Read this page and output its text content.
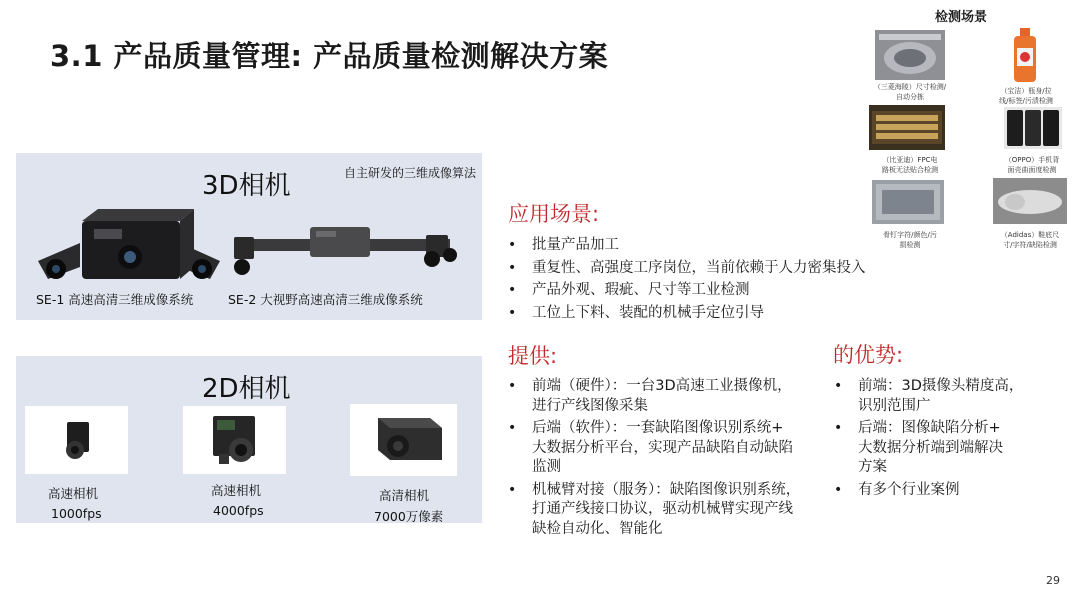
3.1 产品质量管理: 产品质量检测解决方案
3D相机	自主研发的三维成像算法
SE-1 高速高清三维成像系统	SE-2 大视野高速高清三维成像系统
2D相机
高速相机
1000fps
高速相机
4000fps
高清相机
7000万像素
检测场景
（三菱海陵）尺寸检测/
自动分拣
（宝洁）瓶身/拉
线/标签/污渍检测
（比亚迪）FPC电
路板无法贴合检测
（OPPO）手机背
面壳曲面度检测
骨钉字符/颜色/污
损检测
（Adidas）鞋底尺
寸/字符/缺陷检测
应用场景:
• 批量产品加工
• 重复性、高强度工序岗位，当前依赖于人力密集投入
• 产品外观、瑕疵、尺寸等工业检测
• 工位上下料、装配的机械手定位引导
提供:
• 前端（硬件）：一台3D高速工业摄像机，
进行产线图像采集
• 后端（软件）：一套缺陷图像识别系统+
大数据分析平台，实现产品缺陷自动缺陷
监测
• 机械臂对接（服务）：缺陷图像识别系统，
打通产线接口协议，驱动机械臂实现产线
缺检自动化、智能化
的优势:
• 前端：3D摄像头精度高，
识别范围广
• 后端：图像缺陷分析+
大数据分析端到端解决
方案
• 有多个行业案例
29
